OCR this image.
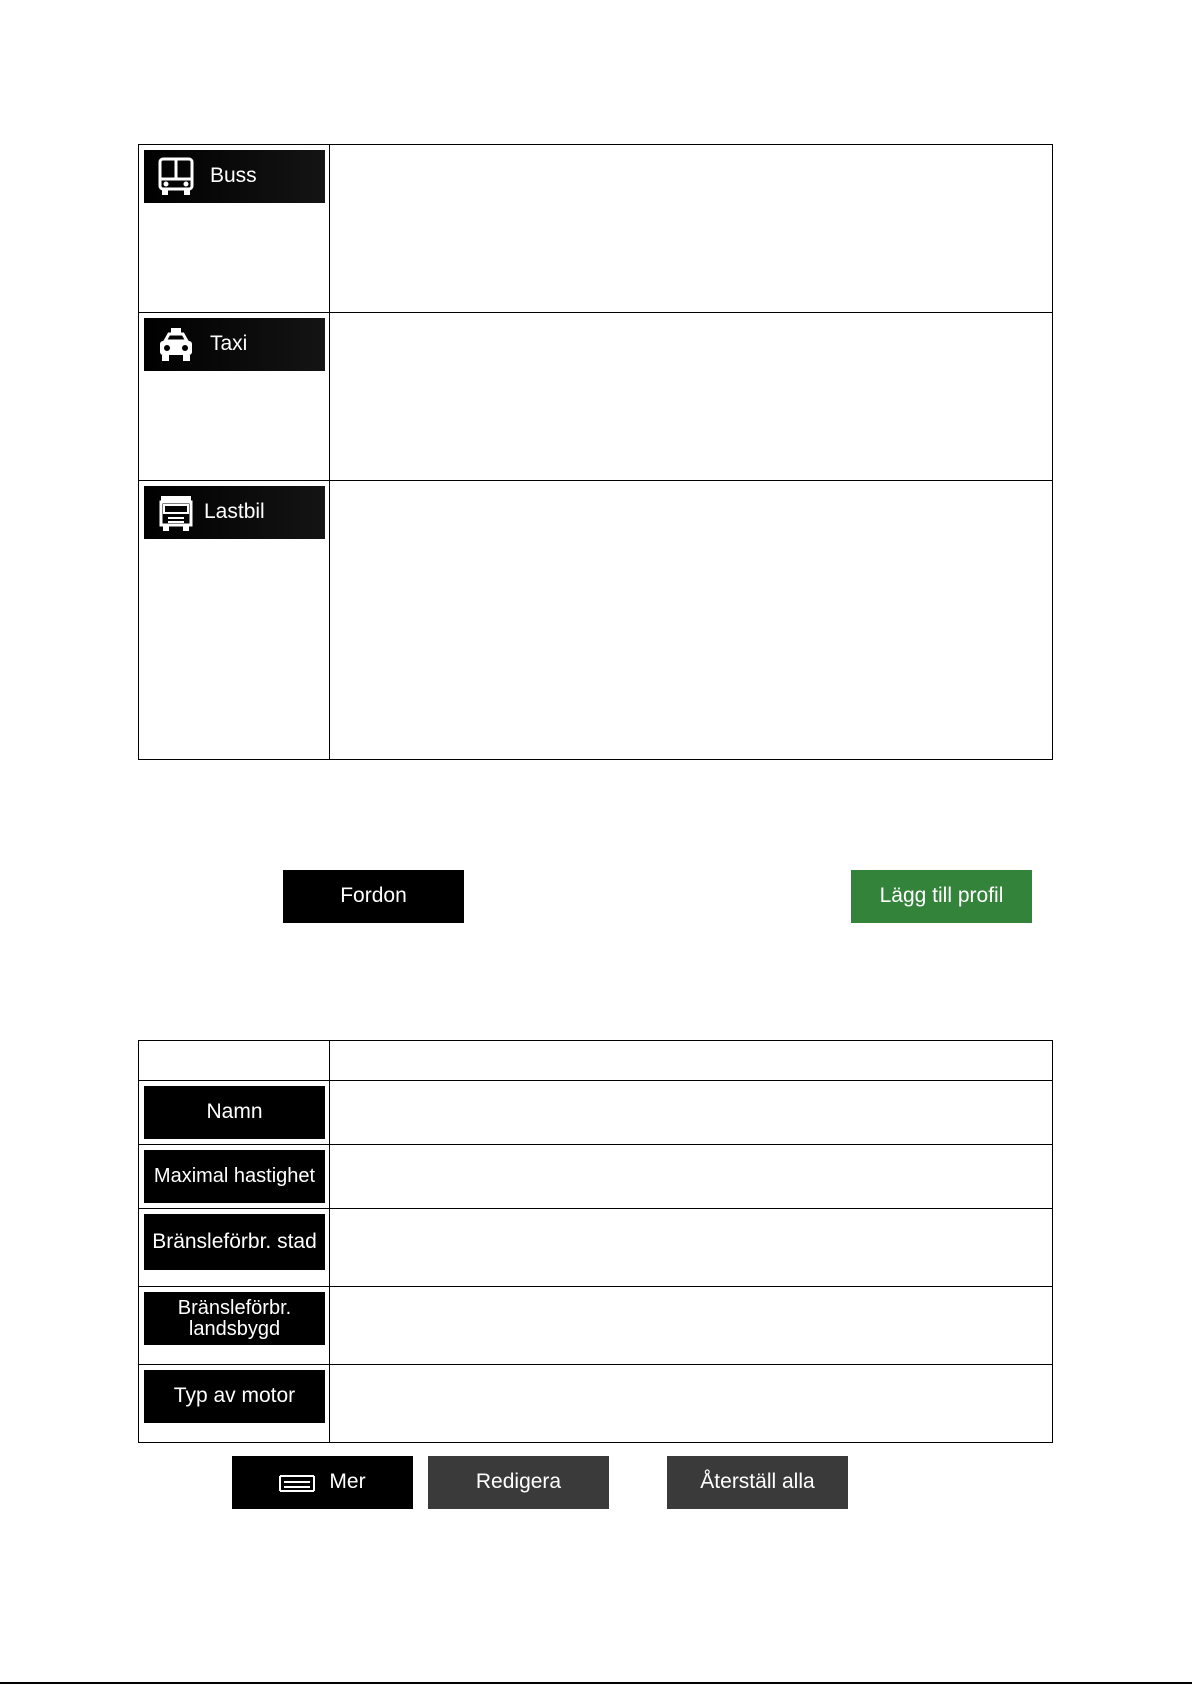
Buss	

Taxi	

Lastbil	

Fordon	Lägg till profil

Namn	

Maximal hastighet	

Bränsleförbr. stad	

Bränsleförbr. landsbygd	

Typ av motor	

Mer	Redigera	Återställ alla
